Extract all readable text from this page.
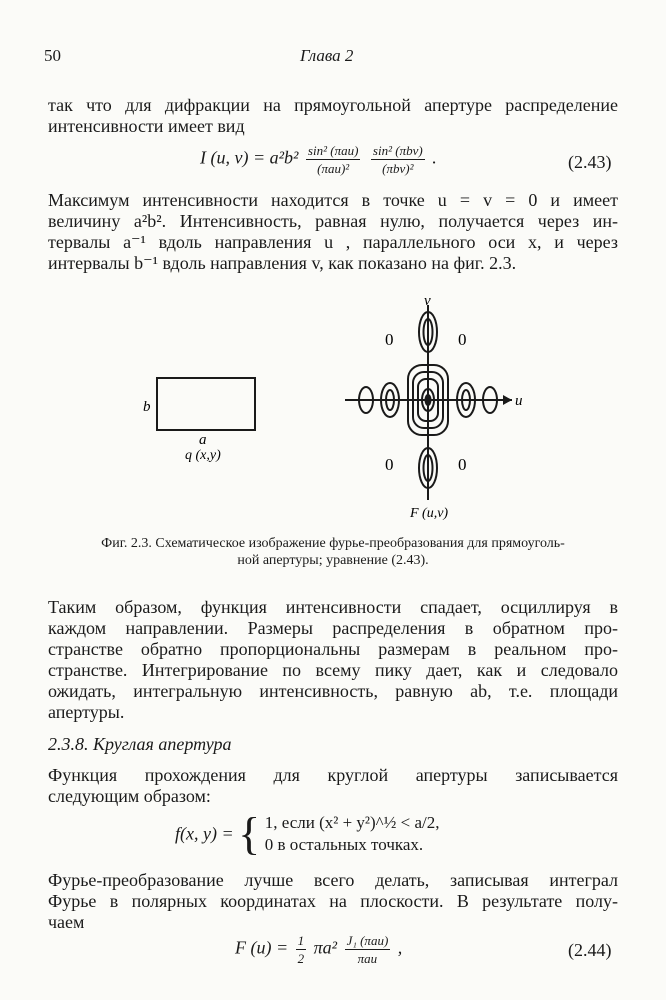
50	Глава 2
так что для дифракции на прямоугольной апертуре распределение
интенсивности имеет вид
I (u, $v) = a^2b^2 \frac{\text{sin² (πau)}}{\text{(πau)²}}$
$\frac{\text{sin² (πbv)}}{\text{(πbv)²}}$ .	(2.43)
Максимум интенсивности находится в точке u = v = 0 и имеет
величину a²b². Интенсивность, равная нулю, получается через ин-
тервалы a⁻¹ вдоль направления u , параллельного оси x, и через
интервалы b⁻¹ вдоль направления v, как показано на фиг. 2.3.
b
a
q (x,y)
v
u
0	0
0	0
F (u,v)
Фиг. 2.3. Схематическое изображение фурье-преобразования для прямоуголь-
ной апертуры; уравнение (2.43).
Таким образом, функция интенсивности спадает, осциллируя в
каждом направлении. Размеры распределения в обратном про-
странстве обратно пропорциональны размерам в реальном про-
странстве. Интегрирование по всему пику дает, как и следовало
ожидать, интегральную интенсивность, равную ab, т.е. площади
апертуры.
2.3.8. Круглая апертура
Функция прохождения для круглой апертуры записывается
следующим образом:
f(x, y) = { 1, если (x² + y²)^½ < a/2,
0 в остальных точках.
Фурье-преобразование лучше всего делать, записывая интеграл
Фурье в полярных координатах на плоскости. В результате полу-
чаем
F $(u) = \frac{1}{2} \pi a^2 \frac{\text{J₁ (πau)}}{\text{πau}}$ ,	(2.44)
